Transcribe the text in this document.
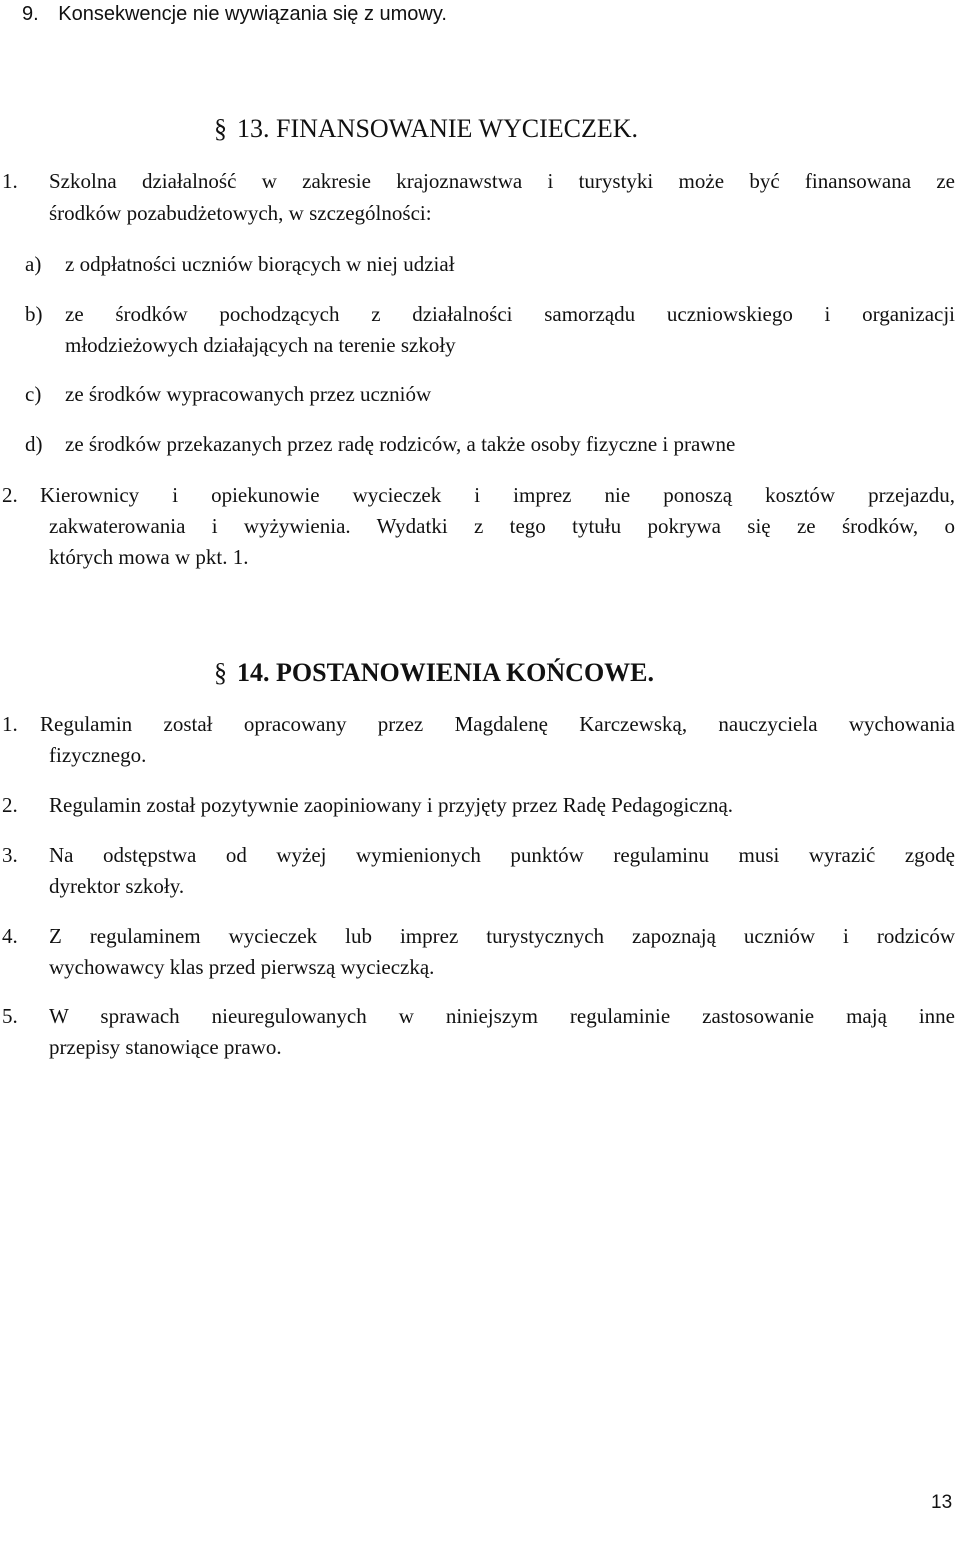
9. Konsekwencje nie wywiązania się z umowy.
§ 13. FINANSOWANIE WYCIECZEK.
1. Szkolna działalność w zakresie krajoznawstwa i turystyki może być finansowana ze
środków pozabudżetowych, w szczególności:
a) z odpłatności uczniów biorących w niej udział
b) ze środków pochodzących z działalności samorządu uczniowskiego i organizacji
młodzieżowych działających na terenie szkoły
c) ze środków wypracowanych przez uczniów
d) ze środków przekazanych przez radę rodziców, a także osoby fizyczne i prawne
2. Kierownicy i opiekunowie wycieczek i imprez nie ponoszą kosztów przejazdu,
zakwaterowania i wyżywienia. Wydatki z tego tytułu pokrywa się ze środków, o
których mowa w pkt. 1.
§ 14. POSTANOWIENIA KOŃCOWE.
1. Regulamin został opracowany przez Magdalenę Karczewską, nauczyciela wychowania
fizycznego.
2. Regulamin został pozytywnie zaopiniowany i przyjęty przez Radę Pedagogiczną.
3. Na odstępstwa od wyżej wymienionych punktów regulaminu musi wyrazić zgodę
dyrektor szkoły.
4. Z regulaminem wycieczek lub imprez turystycznych zapoznają uczniów i rodziców
wychowawcy klas przed pierwszą wycieczką.
5. W sprawach nieuregulowanych w niniejszym regulaminie zastosowanie mają inne
przepisy stanowiące prawo.
13
